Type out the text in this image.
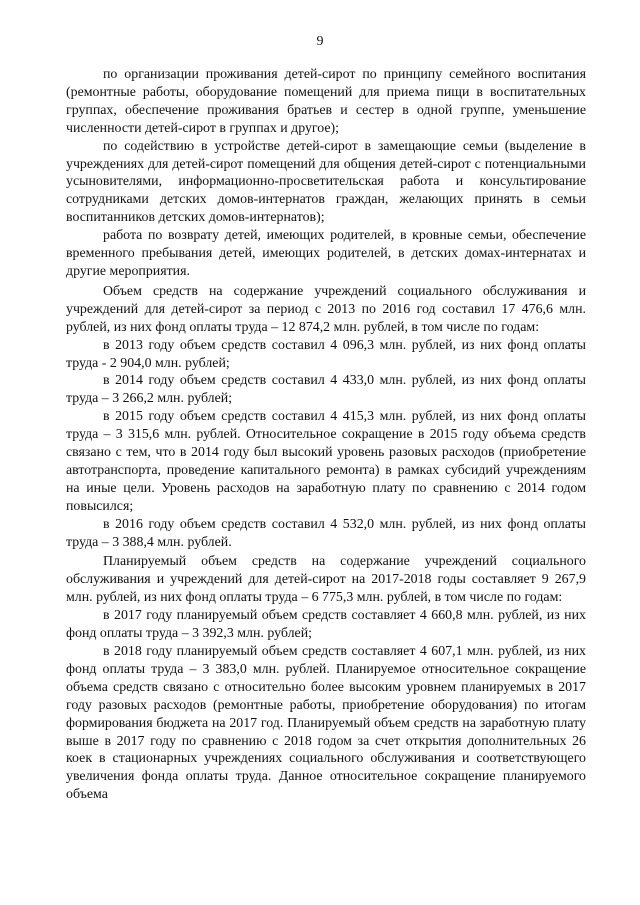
9

по организации проживания детей-сирот по принципу семейного воспитания (ремонтные работы, оборудование помещений для приема пищи в воспитательных группах, обеспечение проживания братьев и сестер в одной группе, уменьшение численности детей-сирот в группах и другое);

по содействию в устройстве детей-сирот в замещающие семьи (выделение в учреждениях для детей-сирот помещений для общения детей-сирот с потенциальными усыновителями, информационно-просветительская работа и консультирование сотрудниками детских домов-интернатов граждан, желающих принять в семьи воспитанников детских домов-интернатов);

работа по возврату детей, имеющих родителей, в кровные семьи, обеспечение временного пребывания детей, имеющих родителей, в детских домах-интернатах и другие мероприятия.

Объем средств на содержание учреждений социального обслуживания и учреждений для детей-сирот за период с 2013 по 2016 год составил 17 476,6 млн. рублей, из них фонд оплаты труда – 12 874,2 млн. рублей, в том числе по годам:

в 2013 году объем средств составил 4 096,3 млн. рублей, из них фонд оплаты труда - 2 904,0 млн. рублей;

в 2014 году объем средств составил 4 433,0 млн. рублей, из них фонд оплаты труда – 3 266,2 млн. рублей;

в 2015 году объем средств составил 4 415,3 млн. рублей, из них фонд оплаты труда – 3 315,6 млн. рублей. Относительное сокращение в 2015 году объема средств связано с тем, что в 2014 году был высокий уровень разовых расходов (приобретение автотранспорта, проведение капитального ремонта) в рамках субсидий учреждениям на иные цели. Уровень расходов на заработную плату по сравнению с 2014 годом повысился;

в 2016 году объем средств составил 4 532,0 млн. рублей, из них фонд оплаты труда – 3 388,4 млн. рублей.

Планируемый объем средств на содержание учреждений социального обслуживания и учреждений для детей-сирот на 2017-2018 годы составляет 9 267,9 млн. рублей, из них фонд оплаты труда – 6 775,3 млн. рублей, в том числе по годам:

в 2017 году планируемый объем средств составляет 4 660,8 млн. рублей, из них фонд оплаты труда – 3 392,3 млн. рублей;

в 2018 году планируемый объем средств составляет 4 607,1 млн. рублей, из них фонд оплаты труда – 3 383,0 млн. рублей. Планируемое относительное сокращение объема средств связано с относительно более высоким уровнем планируемых в 2017 году разовых расходов (ремонтные работы, приобретение оборудования) по итогам формирования бюджета на 2017 год. Планируемый объем средств на заработную плату выше в 2017 году по сравнению с 2018 годом за счет открытия дополнительных 26 коек в стационарных учреждениях социального обслуживания и соответствующего увеличения фонда оплаты труда. Данное относительное сокращение планируемого объема
